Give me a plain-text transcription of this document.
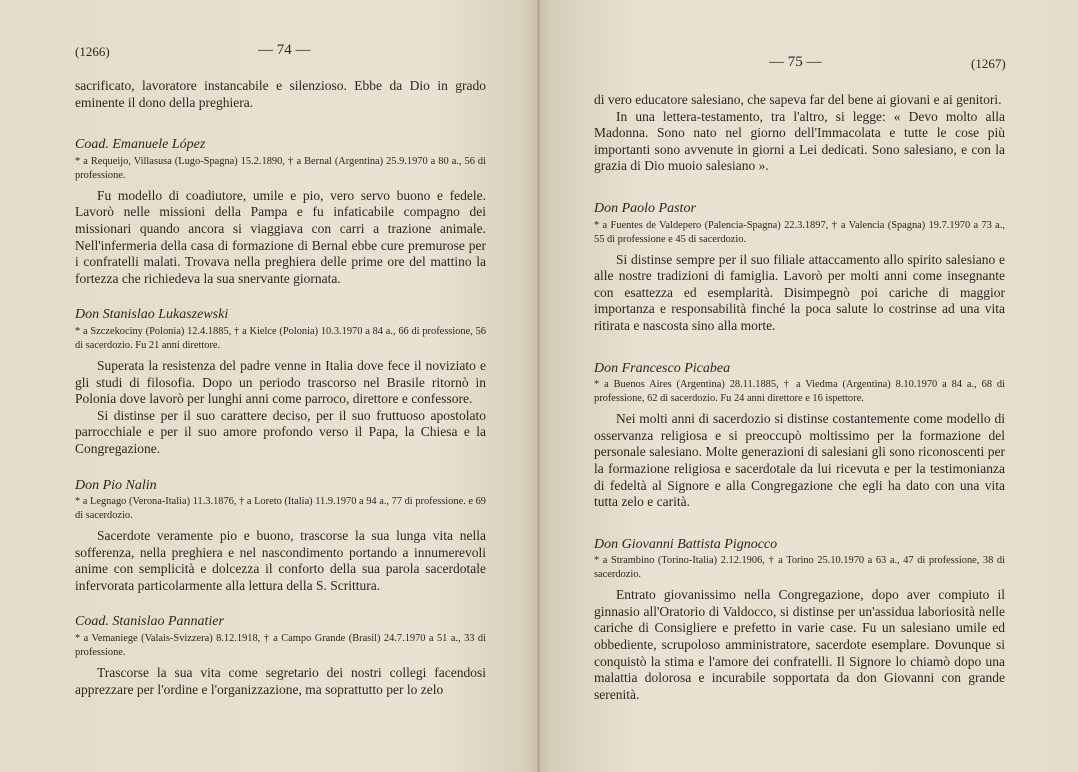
(1266)	— 74 —

sacrificato, lavoratore instancabile e silenzioso. Ebbe da Dio in grado eminente il dono della preghiera.

Coad. Emanuele López

* a Requeijo, Villasusa (Lugo-Spagna) 15.2.1890, † a Bernal (Argentina) 25.9.1970 a 80 a., 56 di professione.

Fu modello di coadiutore, umile e pio, vero servo buono e fedele. Lavorò nelle missioni della Pampa e fu infaticabile compagno dei missionari quando ancora si viaggiava con carri a trazione animale. Nell'infermeria della casa di formazione di Bernal ebbe cure premurose per i confratelli malati. Trovava nella preghiera delle prime ore del mattino la fortezza che richiedeva la sua snervante giornata.

Don Stanislao Lukaszewski

* a Szczekociny (Polonia) 12.4.1885, † a Kielce (Polonia) 10.3.1970 a 84 a., 66 di professione, 56 di sacerdozio. Fu 21 anni direttore.

Superata la resistenza del padre venne in Italia dove fece il noviziato e gli studi di filosofia. Dopo un periodo trascorso nel Brasile ritornò in Polonia dove lavorò per lunghi anni come parroco, direttore e confessore.

Si distinse per il suo carattere deciso, per il suo fruttuoso apostolato parrocchiale e per il suo amore profondo verso il Papa, la Chiesa e la Congregazione.

Don Pio Nalin

* a Legnago (Verona-Italia) 11.3.1876, † a Loreto (Italia) 11.9.1970 a 94 a., 77 di professione. e 69 di sacerdozio.

Sacerdote veramente pio e buono, trascorse la sua lunga vita nella sofferenza, nella preghiera e nel nascondimento portando a innumerevoli anime con semplicità e dolcezza il conforto della sua parola sacerdotale infervorata particolarmente alla lettura della S. Scrittura.

Coad. Stanislao Pannatier

* a Vemaniege (Valais-Svizzera) 8.12.1918, † a Campo Grande (Brasil) 24.7.1970 a 51 a., 33 di professione.

Trascorse la sua vita come segretario dei nostri collegi facendosi apprezzare per l'ordine e l'organizzazione, ma soprattutto per lo zelo

— 75 —	(1267)

di vero educatore salesiano, che sapeva far del bene ai giovani e ai genitori.

In una lettera-testamento, tra l'altro, si legge: « Devo molto alla Madonna. Sono nato nel giorno dell'Immacolata e tutte le cose più importanti sono avvenute in giorni a Lei dedicati. Sono salesiano, e con la grazia di Dio muoio salesiano ».

Don Paolo Pastor

* a Fuentes de Valdepero (Palencia-Spagna) 22.3.1897, † a Valencia (Spagna) 19.7.1970 a 73 a., 55 di professione e 45 di sacerdozio.

Si distinse sempre per il suo filiale attaccamento allo spirito salesiano e alle nostre tradizioni di famiglia. Lavorò per molti anni come insegnante con esattezza ed esemplarità. Disimpegnò poi cariche di maggior importanza e responsabilità finché la poca salute lo costrinse ad una vita ritirata e nascosta sino alla morte.

Don Francesco Picabea

* a Buenos Aires (Argentina) 28.11.1885, † a Viedma (Argentina) 8.10.1970 a 84 a., 68 di professione, 62 di sacerdozio. Fu 24 anni direttore e 16 ispettore.

Nei molti anni di sacerdozio si distinse costantemente come modello di osservanza religiosa e si preoccupò moltissimo per la formazione del personale salesiano. Molte generazioni di salesiani gli sono riconoscenti per la formazione religiosa e sacerdotale da lui ricevuta e per la testimonianza di fedeltà al Signore e alla Congregazione che egli ha dato con una vita tutta zelo e carità.

Don Giovanni Battista Pignocco

* a Strambino (Torino-Italia) 2.12.1906, † a Torino 25.10.1970 a 63 a., 47 di professione, 38 di sacerdozio.

Entrato giovanissimo nella Congregazione, dopo aver compiuto il ginnasio all'Oratorio di Valdocco, si distinse per un'assidua laboriosità nelle cariche di Consigliere e prefetto in varie case. Fu un salesiano umile ed obbediente, scrupoloso amministratore, sacerdote esemplare. Dovunque si conquistò la stima e l'amore dei confratelli. Il Signore lo chiamò dopo una malattia dolorosa e incurabile sopportata da don Giovanni con grande serenità.
